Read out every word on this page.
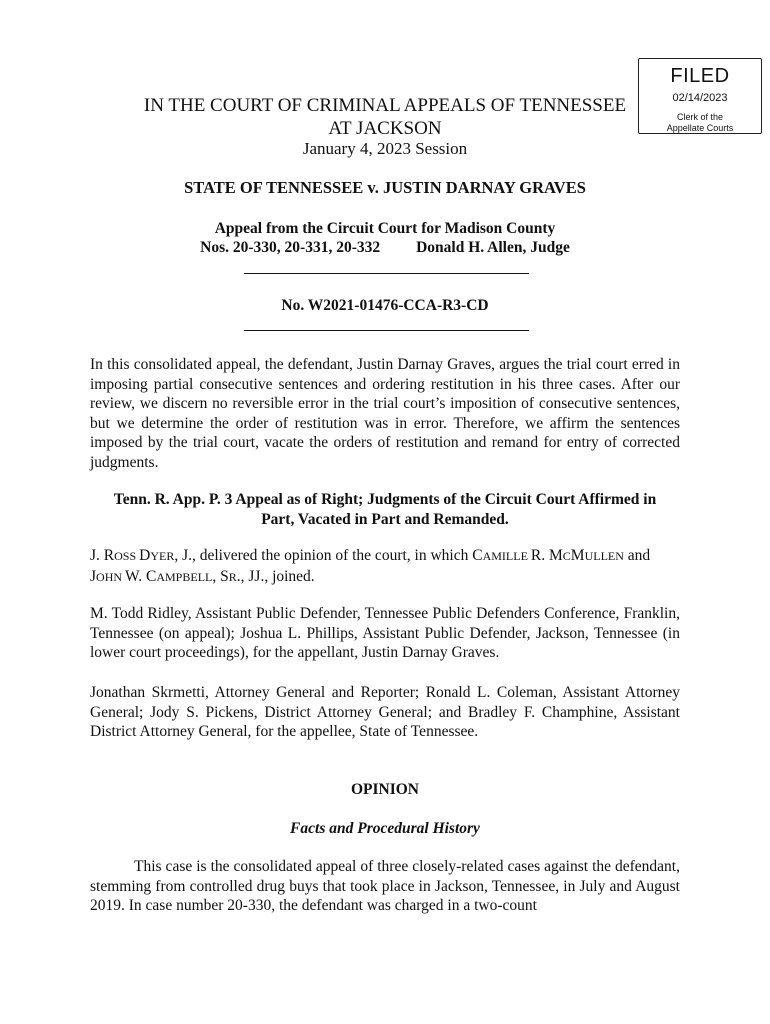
FILED
02/14/2023
Clerk of the
Appellate Courts
IN THE COURT OF CRIMINAL APPEALS OF TENNESSEE
AT JACKSON
January 4, 2023 Session
STATE OF TENNESSEE v. JUSTIN DARNAY GRAVES
Appeal from the Circuit Court for Madison County
Nos. 20-330, 20-331, 20-332 Donald H. Allen, Judge
No. W2021-01476-CCA-R3-CD
In this consolidated appeal, the defendant, Justin Darnay Graves, argues the trial court erred in imposing partial consecutive sentences and ordering restitution in his three cases. After our review, we discern no reversible error in the trial court’s imposition of consecutive sentences, but we determine the order of restitution was in error. Therefore, we affirm the sentences imposed by the trial court, vacate the orders of restitution and remand for entry of corrected judgments.
Tenn. R. App. P. 3 Appeal as of Right; Judgments of the Circuit Court Affirmed in
Part, Vacated in Part and Remanded.
J. ROSS DYER, J., delivered the opinion of the court, in which CAMILLE R. MCMULLEN and
JOHN W. CAMPBELL, SR., JJ., joined.
M. Todd Ridley, Assistant Public Defender, Tennessee Public Defenders Conference, Franklin, Tennessee (on appeal); Joshua L. Phillips, Assistant Public Defender, Jackson, Tennessee (in lower court proceedings), for the appellant, Justin Darnay Graves.
Jonathan Skrmetti, Attorney General and Reporter; Ronald L. Coleman, Assistant Attorney General; Jody S. Pickens, District Attorney General; and Bradley F. Champhine, Assistant District Attorney General, for the appellee, State of Tennessee.
OPINION
Facts and Procedural History
This case is the consolidated appeal of three closely-related cases against the defendant, stemming from controlled drug buys that took place in Jackson, Tennessee, in July and August 2019. In case number 20-330, the defendant was charged in a two-count
